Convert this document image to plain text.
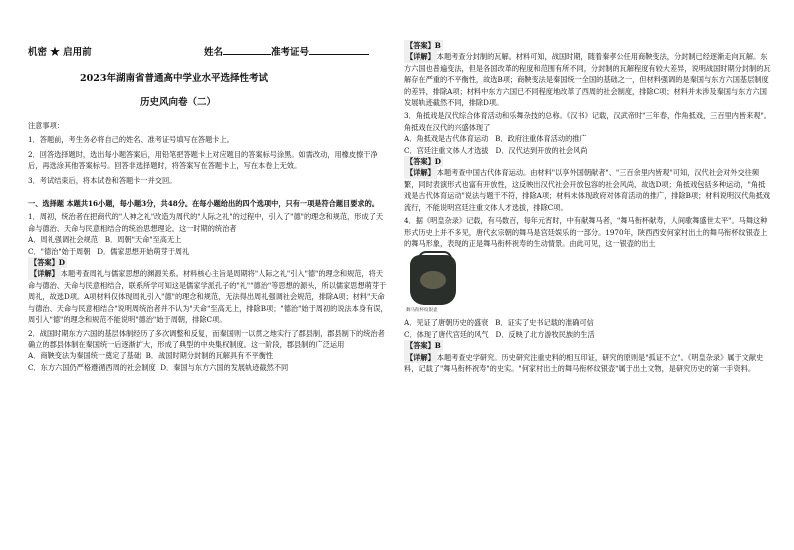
机密 ★ 启用前	姓名	准考证号
2023年湖南省普通高中学业水平选择性考试
历史风向卷（二）

注意事项：

1．答题前，考生务必将自己的姓名、准考证号填写在答题卡上。

2．回答选择题时，选出每小题答案后，用铅笔把答题卡上对应题目的答案标号涂黑。如需改动，用橡皮擦干净后，再选涂其他答案标号。回答非选择题时，将答案写在答题卡上，写在本卷上无效。

3．考试结束后，将本试卷和答题卡一并交回。

一、选择题 本题共16小题，每小题3分，共48分。在每小题给出的四个选项中，只有一项是符合题目要求的。

1．周初，统治者在把商代的"人神之礼"改造为周代的"人际之礼"的过程中，引入了"德"的理念和规范，形成了天命与德治、天命与民意相结合的统治思想理论。这一时期的统治者

A．周礼强调社会规范 B．周朝"天命"至高无上

C．"德治"始于周朝 D．儒家思想开始萌芽于周礼

【答案】D

【详解】 本题考查周礼与儒家思想的渊源关系。材料核心主旨是周期将"人际之礼"引入"德"的理念和规范，将天命与德治、天命与民意相结合，联系所学可知这是儒家学派孔子的"礼""德治"等思想的源头，所以儒家思想萌芽于周礼，故选D项。A项材料仅体现周礼引入"德"的理念和规范，无法得出周礼强调社会规范，排除A项；材料"天命与德治、天命与民意相结合"说明周统治者并不认为"天命"至高无上，排除B项；"德治"始于周初的说法本身有误，周引入"德"的理念和规范不能说明"德治"始于周朝，排除C项。

2．战国时期东方六国的基层体制经历了多次调整和反复，而秦国则一以贯之地实行了郡县制，郡县制下的统治者确立的郡县体制在秦国统一后逐渐扩大，形成了典型的中央集权制度。这一阶段，郡县制的广泛运用

A．商鞅变法为秦国统一奠定了基础 B．战国时期分封制的瓦解具有不平衡性

C．东方六国仍严格遵循西周的社会制度 D．秦国与东方六国的发展轨迹截然不同

【答案】B

【详解】 本题考查分封制的瓦解。材料可知，战国时期，随着秦孝公任用商鞅变法，分封制已经逐渐走向瓦解。东方六国也普遍变法，但是各国改革的程度和范围有所不同，分封制的瓦解程度有较大差异，说明战国时期分封制的瓦解存在严重的不平衡性，故选B项；商鞅变法是秦国统一全国的基础之一，但材料强调的是秦国与东方六国基层制度的差异，排除A项；材料中东方六国已不同程度地改革了西周的社会制度，排除C项；材料并未涉及秦国与东方六国发展轨迹截然不同，排除D项。

3．角抵戏是汉代综合体育活动和乐舞杂技的总称。《汉书》记载，汉武帝时"三年春，作角抵戏，三百里内皆来观"。角抵戏在汉代的兴盛体现了

A．角抵戏是古代体育运动 B．政府注重体育活动的推广

C．宫廷注重文体人才选拔 D．汉代达到开放的社会风尚

【答案】D

【详解】 本题考查中国古代体育运动。由材料"以享外国朝献者"、"三百余里内皆观"可知，汉代社会对外交往频繁，同时表演形式也富有开放性，这反映出汉代社会开放包容的社会风尚，故选D项；角抵戏包括多种运动，"角抵戏是古代体育运动"说法与题干不符，排除A项；材料未体现政府对体育活动的推广，排除B项；材料说明汉代角抵戏流行，不能说明宫廷注重文体人才选拔，排除C项。

4．据《明皇杂录》记载，有马数百，每年元宵时，中有献舞马者，"舞马衔杯献寿，人间歌舞盛世太平"。马舞这种形式历史上并不多见，唐代玄宗朝的舞马是宫廷娱乐的一部分。1970年，陕西西安何家村出土的舞马衔杯纹银壶上的舞马形象，表现的正是舞马衔杯祝寿的生动情景。由此可见，这一银壶的出土

舞马衔杯纹银壶

A．见证了唐朝历史的盛衰 B．证实了史书记载的准确可信

C．体现了唐代宫廷的风气 D．反映了北方游牧民族的生活

【答案】B

【详解】 本题考查史学研究。历史研究注重史料的相互印证，研究的原则是"孤证不立"。《明皇杂录》属于文献史料，记载了"舞马衔杯祝寿"的史实。"何家村出土的舞马衔杯纹银壶"属于出土文物，是研究历史的第一手资料。
